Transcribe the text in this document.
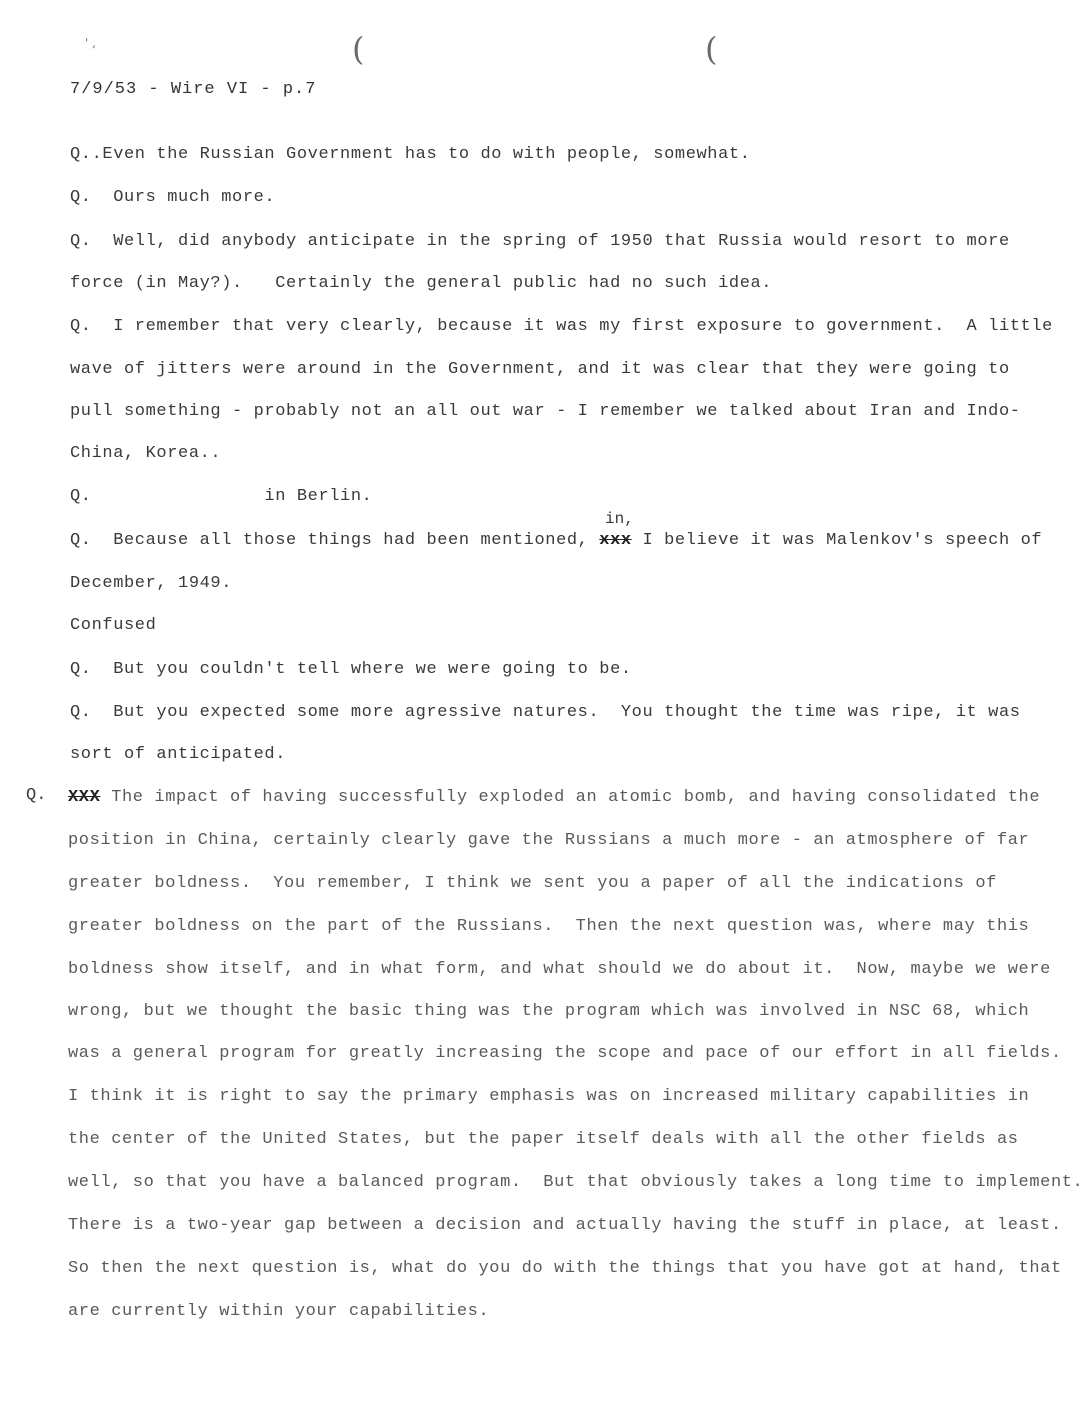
' ,	(	(
7/9/53 - Wire VI - p.7
Q..Even the Russian Government has to do with people, somewhat.
Q.  Ours much more.
Q.  Well, did anybody anticipate in the spring of 1950 that Russia would resort to more
force (in May?).   Certainly the general public had no such idea.
Q.  I remember that very clearly, because it was my first exposure to government.  A little
wave of jitters were around in the Government, and it was clear that they were going to
pull something - probably not an all out war - I remember we talked about Iran and Indo-
China, Korea..
Q.                in Berlin.
in,
Q.  Because all those things had been mentioned, xxx I believe it was Malenkov's speech of
December, 1949.
Confused
Q.  But you couldn't tell where we were going to be.
Q.  But you expected some more agressive natures.  You thought the time was ripe, it was
sort of anticipated.
Q. XXX The impact of having successfully exploded an atomic bomb, and having consolidated the
position in China, certainly clearly gave the Russians a much more - an atmosphere of far
greater boldness.  You remember, I think we sent you a paper of all the indications of
greater boldness on the part of the Russians.  Then the next question was, where may this
boldness show itself, and in what form, and what should we do about it.  Now, maybe we were
wrong, but we thought the basic thing was the program which was involved in NSC 68, which
was a general program for greatly increasing the scope and pace of our effort in all fields.
I think it is right to say the primary emphasis was on increased military capabilities in
the center of the United States, but the paper itself deals with all the other fields as
well, so that you have a balanced program.  But that obviously takes a long time to implement.
There is a two-year gap between a decision and actually having the stuff in place, at least.
So then the next question is, what do you do with the things that you have got at hand, that
are currently within your capabilities.
